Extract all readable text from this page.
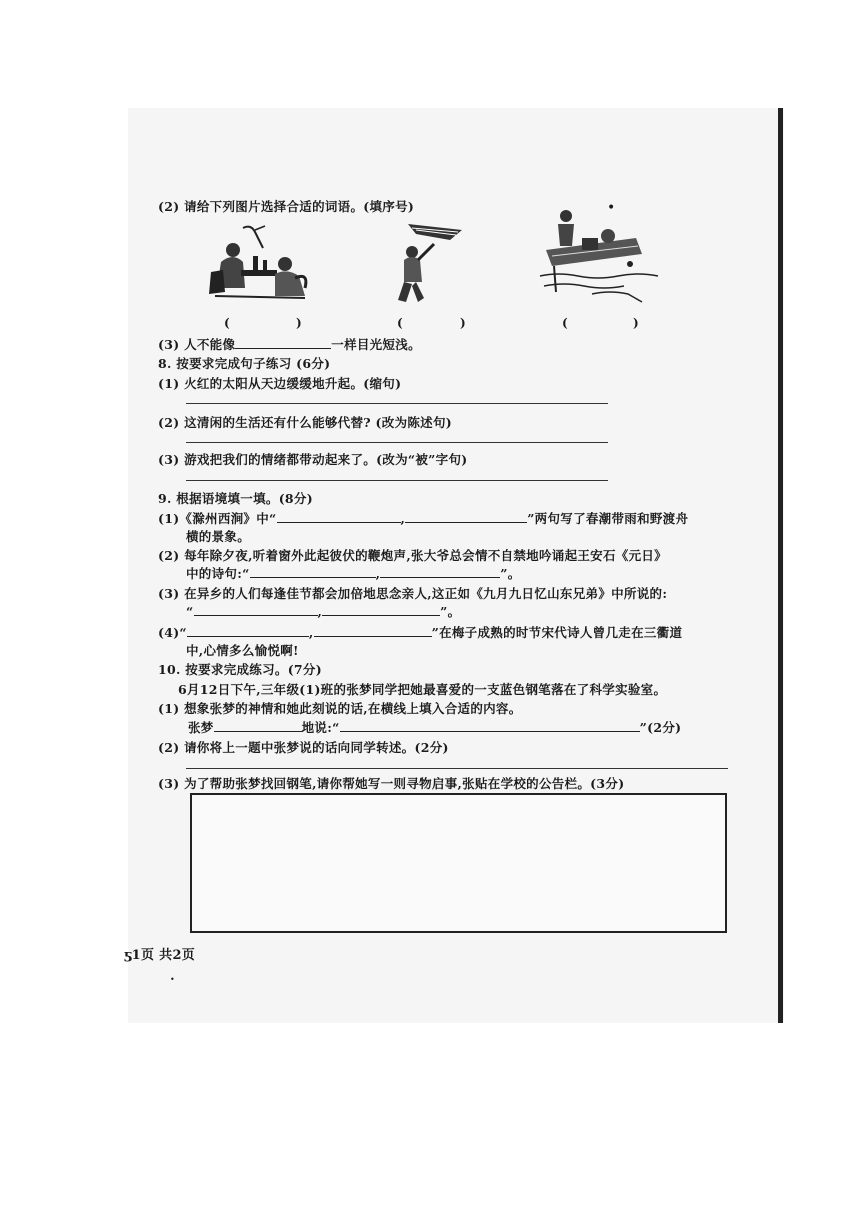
(2) 请给下列图片选择合适的词语。(填序号)	•
(	)	(	)	(	)
(3) 人不能像	一样目光短浅。
8. 按要求完成句子练习 (6分)
(1) 火红的太阳从天边缓缓地升起。(缩句)
(2) 这清闲的生活还有什么能够代替? (改为陈述句)
(3) 游戏把我们的情绪都带动起来了。(改为“被”字句)
9. 根据语境填一填。(8分)
(1)《滁州西涧》中“	,	”两句写了春潮带雨和野渡舟
横的景象。
(2) 每年除夕夜,听着窗外此起彼伏的鞭炮声,张大爷总会情不自禁地吟诵起王安石《元日》
中的诗句:“	,	”。
(3) 在异乡的人们每逢佳节都会加倍地思念亲人,这正如《九月九日忆山东兄弟》中所说的:
“	,	”。
(4)“	,	”在梅子成熟的时节宋代诗人曾几走在三衢道
中,心情多么愉悦啊!
10. 按要求完成练习。(7分)
6月12日下午,三年级(1)班的张梦同学把她最喜爱的一支蓝色钢笔落在了科学实验室。
(1) 想象张梦的神情和她此刻说的话,在横线上填入合适的内容。
张梦	地说:“	”(2分)
(2) 请你将上一题中张梦说的话向同学转述。(2分)
(3) 为了帮助张梦找回钢笔,请你帮她写一则寻物启事,张贴在学校的公告栏。(3分)
ƽ1页 共2页
•
